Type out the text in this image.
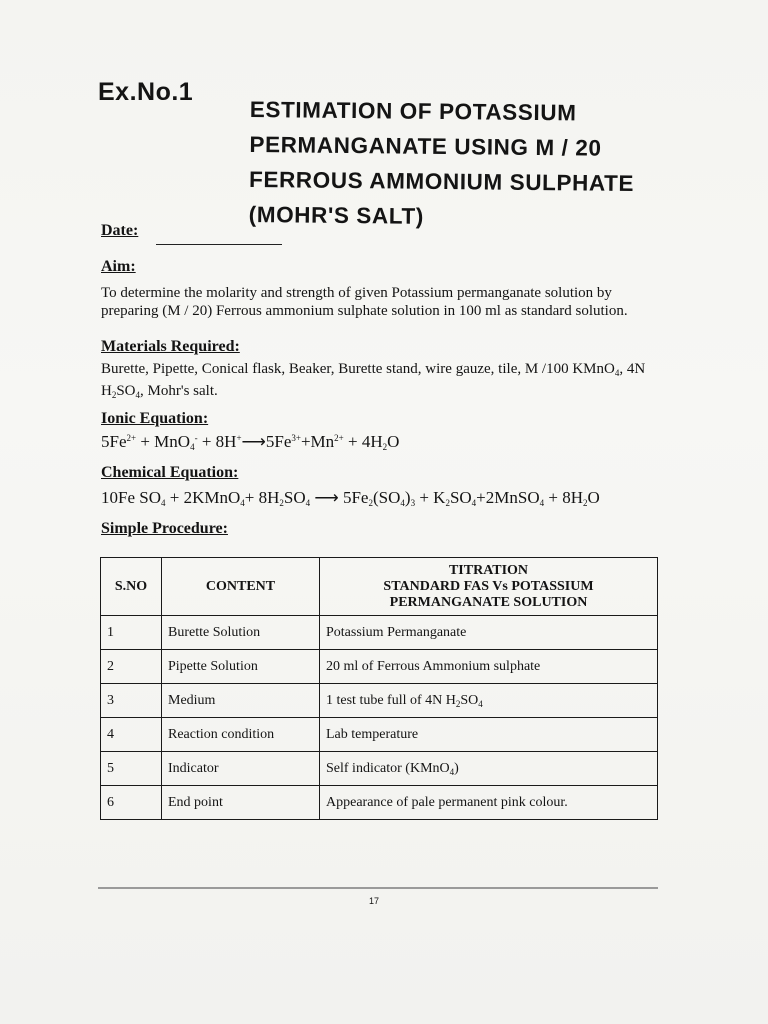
Ex.No.1
ESTIMATION OF POTASSIUM
PERMANGANATE USING M / 20
FERROUS AMMONIUM SULPHATE
(MOHR'S SALT)
Date:
Aim:
To determine the molarity and strength of given Potassium permanganate solution by
preparing (M / 20) Ferrous ammonium sulphate solution in 100 ml as standard solution.
Materials Required:
Burette, Pipette, Conical flask, Beaker, Burette stand, wire gauze, tile, M /100 KMnO$_4$, 4N
$H_2SO_4$, Mohr's salt.
Ionic Equation:
$5Fe^{2+} + MnO_4^-$ + $8H^+⟶5Fe^{3+}+Mn^{2+} + 4H_2O$
Chemical Equation:
10Fe $SO_4$ + 2KMnO$_4$+ $8H_2SO_4$ ⟶ $5Fe_2(SO_4)_3$ + $K_2SO_4+2MnSO_4 + 8H_2O$
Simple Procedure:
S.NO	CONTENT	TITRATION
STANDARD FAS Vs POTASSIUM
PERMANGANATE SOLUTION

1	Burette Solution	Potassium Permanganate
2	Pipette Solution	20 ml of Ferrous Ammonium sulphate
3	Medium	1 test tube full of 4N $H_2SO_4$
4	Reaction condition	Lab temperature
5	Indicator	Self indicator (KMnO$_4$)
6	End point	Appearance of pale permanent pink colour.
17
